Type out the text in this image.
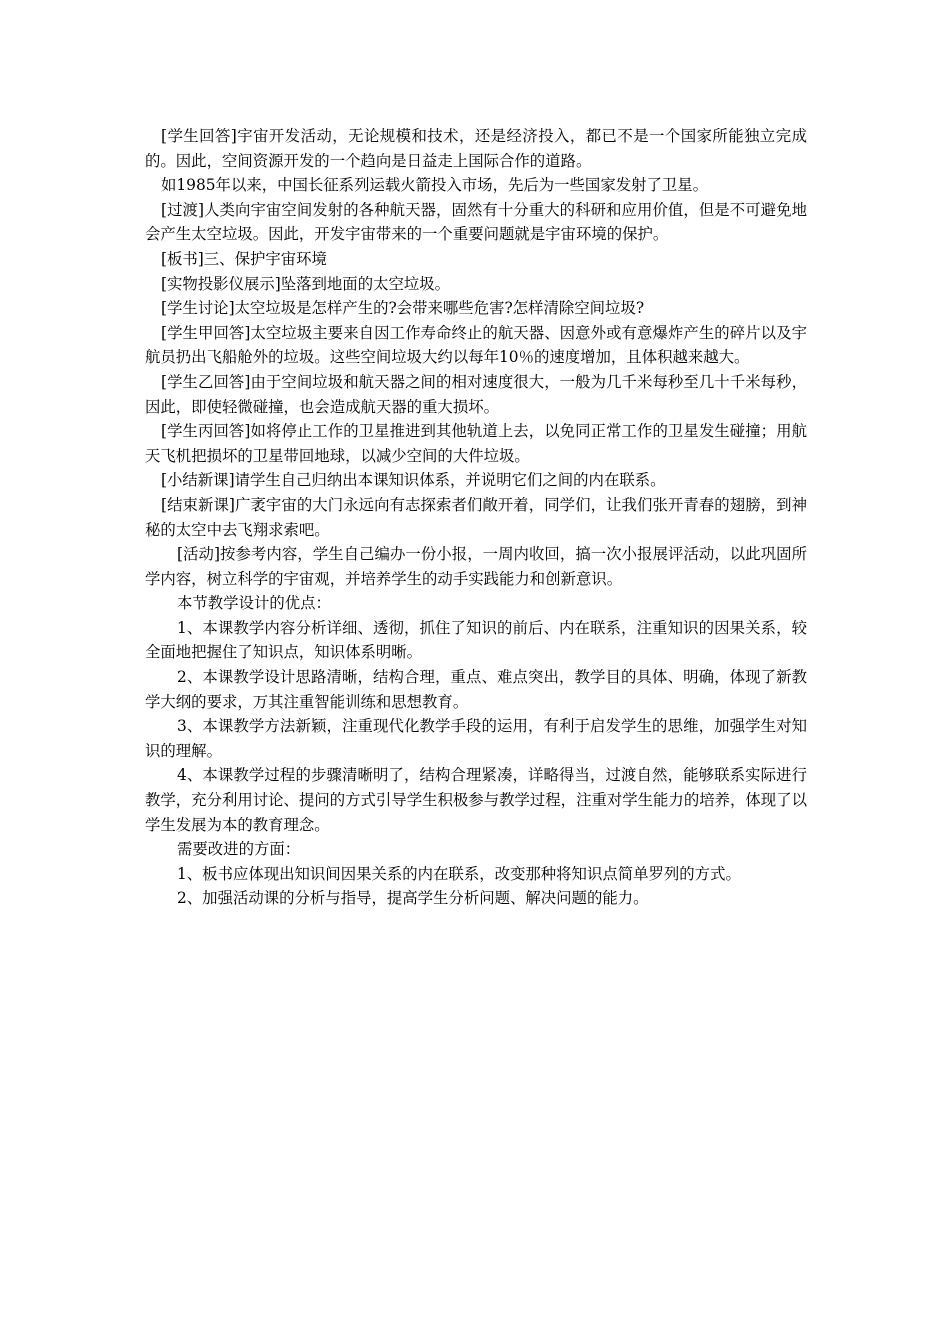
[学生回答]宇宙开发活动，无论规模和技术，还是经济投入，都已不是一个国家所能独立完成的。因此，空间资源开发的一个趋向是日益走上国际合作的道路。

如1985年以来，中国长征系列运载火箭投入市场，先后为一些国家发射了卫星。

[过渡]人类向宇宙空间发射的各种航天器，固然有十分重大的科研和应用价值，但是不可避免地会产生太空垃圾。因此，开发宇宙带来的一个重要问题就是宇宙环境的保护。

[板书]三、保护宇宙环境

[实物投影仪展示]坠落到地面的太空垃圾。

[学生讨论]太空垃圾是怎样产生的?会带来哪些危害?怎样清除空间垃圾?

[学生甲回答]太空垃圾主要来自因工作寿命终止的航天器、因意外或有意爆炸产生的碎片以及宇航员扔出飞船舱外的垃圾。这些空间垃圾大约以每年10％的速度增加，且体积越来越大。

[学生乙回答]由于空间垃圾和航天器之间的相对速度很大，一般为几千米每秒至几十千米每秒，因此，即使轻微碰撞，也会造成航天器的重大损坏。

[学生丙回答]如将停止工作的卫星推进到其他轨道上去，以免同正常工作的卫星发生碰撞；用航天飞机把损坏的卫星带回地球，以减少空间的大件垃圾。

[小结新课]请学生自己归纳出本课知识体系，并说明它们之间的内在联系。

[结束新课]广袤宇宙的大门永远向有志探索者们敞开着，同学们，让我们张开青春的翅膀，到神秘的太空中去飞翔求索吧。

[活动]按参考内容，学生自己编办一份小报，一周内收回，搞一次小报展评活动，以此巩固所学内容，树立科学的宇宙观，并培养学生的动手实践能力和创新意识。

本节教学设计的优点：

1、本课教学内容分析详细、透彻，抓住了知识的前后、内在联系，注重知识的因果关系，较全面地把握住了知识点，知识体系明晰。

2、本课教学设计思路清晰，结构合理，重点、难点突出，教学目的具体、明确，体现了新教学大纲的要求，万其注重智能训练和思想教育。

3、本课教学方法新颖，注重现代化教学手段的运用，有利于启发学生的思维，加强学生对知识的理解。

4、本课教学过程的步骤清晰明了，结构合理紧凑，详略得当，过渡自然，能够联系实际进行教学，充分利用讨论、提问的方式引导学生积极参与教学过程，注重对学生能力的培养，体现了以学生发展为本的教育理念。

需要改进的方面：

1、板书应体现出知识间因果关系的内在联系，改变那种将知识点简单罗列的方式。

2、加强活动课的分析与指导，提高学生分析问题、解决问题的能力。
